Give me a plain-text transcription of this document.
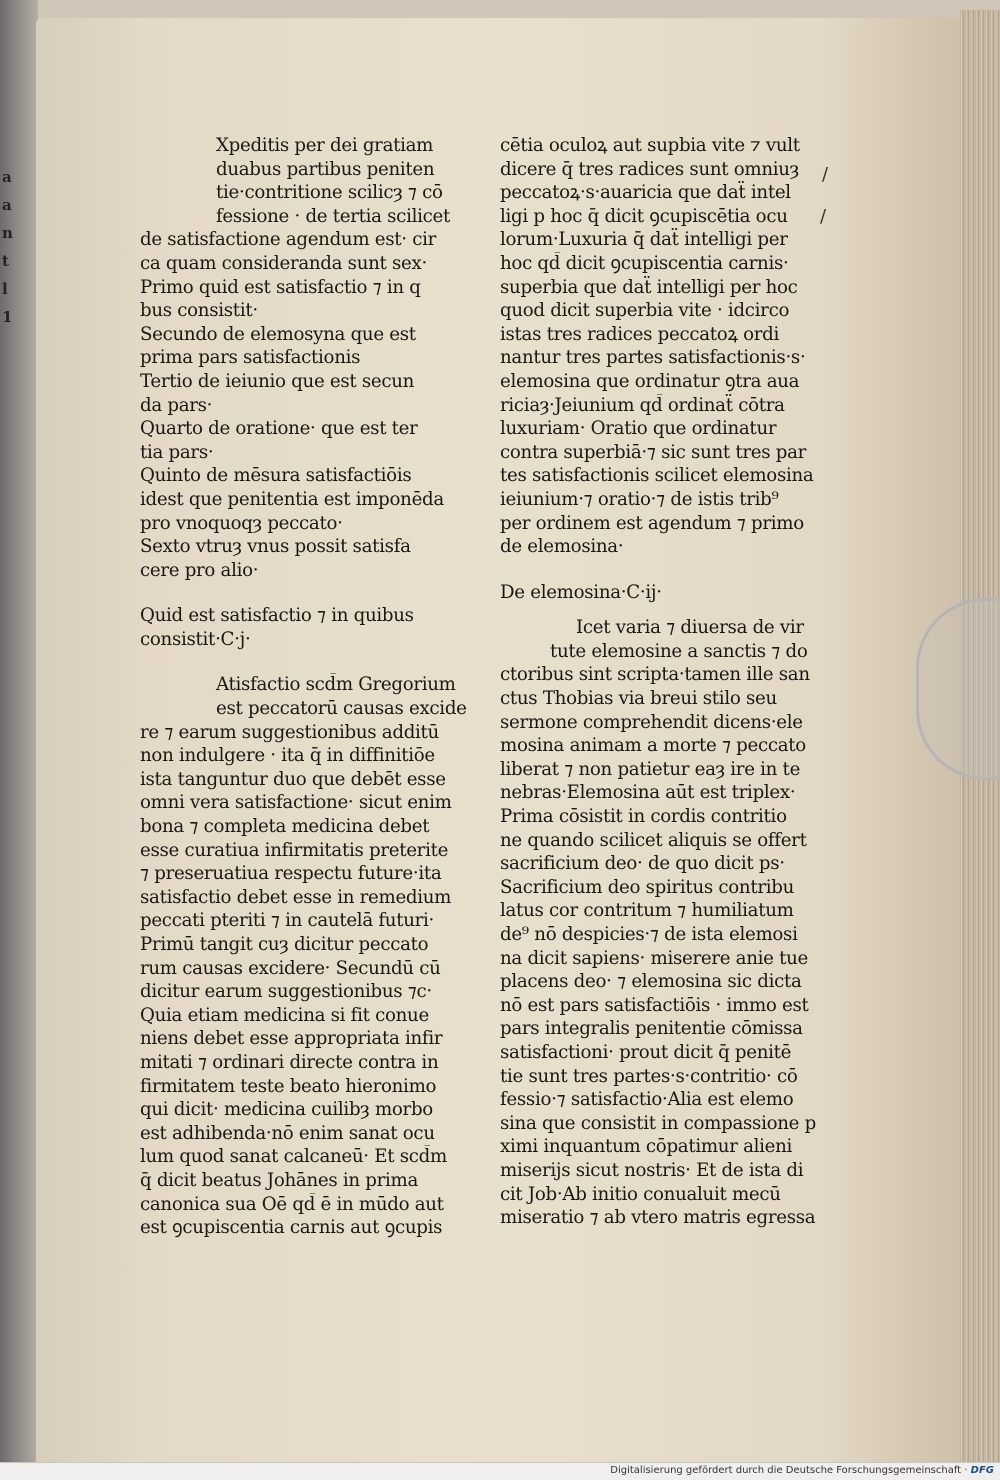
a
a
n
t
l
1

Xpeditis per dei gratiam

duabus partibus peniten

tie·contritione scilicȝ ⁊ cō

fessione · de tertia scilicet

de satisfactione agendum est· cir

ca quam consideranda sunt sex·

Primo quid est satisfactio ⁊ in q

bus consistit·

Secundo de elemosyna que est

prima pars satisfactionis

Tertio de ieiunio que est secun

da pars·

Quarto de oratione· que est ter

tia pars·

Quinto de mēsura satisfactiōis

idest que penitentia est imponēda

pro vnoquoqȝ peccato·

Sexto vtruȝ vnus possit satisfa

cere pro alio·

Quid est satisfactio ⁊ in quibus

consistit·C·j·

Atisfactio scd̄m Gregorium

est peccatorū causas excide

re ⁊ earum suggestionibus additū

non indulgere · ita q̄ in diffinitiōe

ista tanguntur duo que debēt esse

omni vera satisfactione· sicut enim

bona ⁊ completa medicina debet

esse curatiua infirmitatis preterite

⁊ preseruatiua respectu future·ita

satisfactio debet esse in remedium

peccati pteriti ⁊ in cautelā futuri·

Primū tangit cuȝ dicitur peccato

rum causas excidere· Secundū cū

dicitur earum suggestionibus ⁊c·

Quia etiam medicina si fit conue

niens debet esse appropriata infir

mitati ⁊ ordinari directe contra in

firmitatem teste beato hieronimo

qui dicit· medicina cuilibȝ morbo

est adhibenda·nō enim sanat ocu

lum quod sanat calcaneū· Et scd̄m

q̄ dicit beatus Johānes in prima

canonica sua Oē qd̄ ē in mūdo aut

est ꝯcupiscentia carnis aut ꝯcupis

cētia oculoꝝ aut supbia vite ⁊ vult

dicere q̄ tres radices sunt omniuȝ

peccatoꝝ·s·auaricia que daẗ intel

ligi p hoc q̄ dicit ꝯcupiscētia ocu

lorum·Luxuria q̄ daẗ intelligi per

hoc qd̄ dicit ꝯcupiscentia carnis·

superbia que daẗ intelligi per hoc

quod dicit superbia vite · idcirco

istas tres radices peccatoꝝ ordi

nantur tres partes satisfactionis·s·

elemosina que ordinatur ꝯtra aua

riciaȝ·Jeiunium qd̄ ordinaẗ cōtra

luxuriam· Oratio que ordinatur

contra superbiā·⁊ sic sunt tres par

tes satisfactionis scilicet elemosina

ieiunium·⁊ oratio·⁊ de istis trib⁹

per ordinem est agendum ⁊ primo

de elemosina·

De elemosina·C·ij·

Icet varia ⁊ diuersa de vir

tute elemosine a sanctis ⁊ do

ctoribus sint scripta·tamen ille san

ctus Thobias via breui stilo seu

sermone comprehendit dicens·ele

mosina animam a morte ⁊ peccato

liberat ⁊ non patietur eaȝ ire in te

nebras·Elemosina aūt est triplex·

Prima cōsistit in cordis contritio

ne quando scilicet aliquis se offert

sacrificium deo· de quo dicit ps·

Sacrificium deo spiritus contribu

latus cor contritum ⁊ humiliatum

de⁹ nō despicies·⁊ de ista elemosi

na dicit sapiens· miserere anie tue

placens deo· ⁊ elemosina sic dicta

nō est pars satisfactiōis · immo est

pars integralis penitentie cōmissa

satisfactioni· prout dicit q̄ penitē

tie sunt tres partes·s·contritio· cō

fessio·⁊ satisfactio·Alia est elemo

sina que consistit in compassione p

ximi inquantum cōpatimur alieni

miserijs sicut nostris· Et de ista di

cit Job·Ab initio conualuit mecū

miseratio ⁊ ab vtero matris egressa

/
/
Digitalisierung gefördert durch die Deutsche Forschungsgemeinschaft · DFG
